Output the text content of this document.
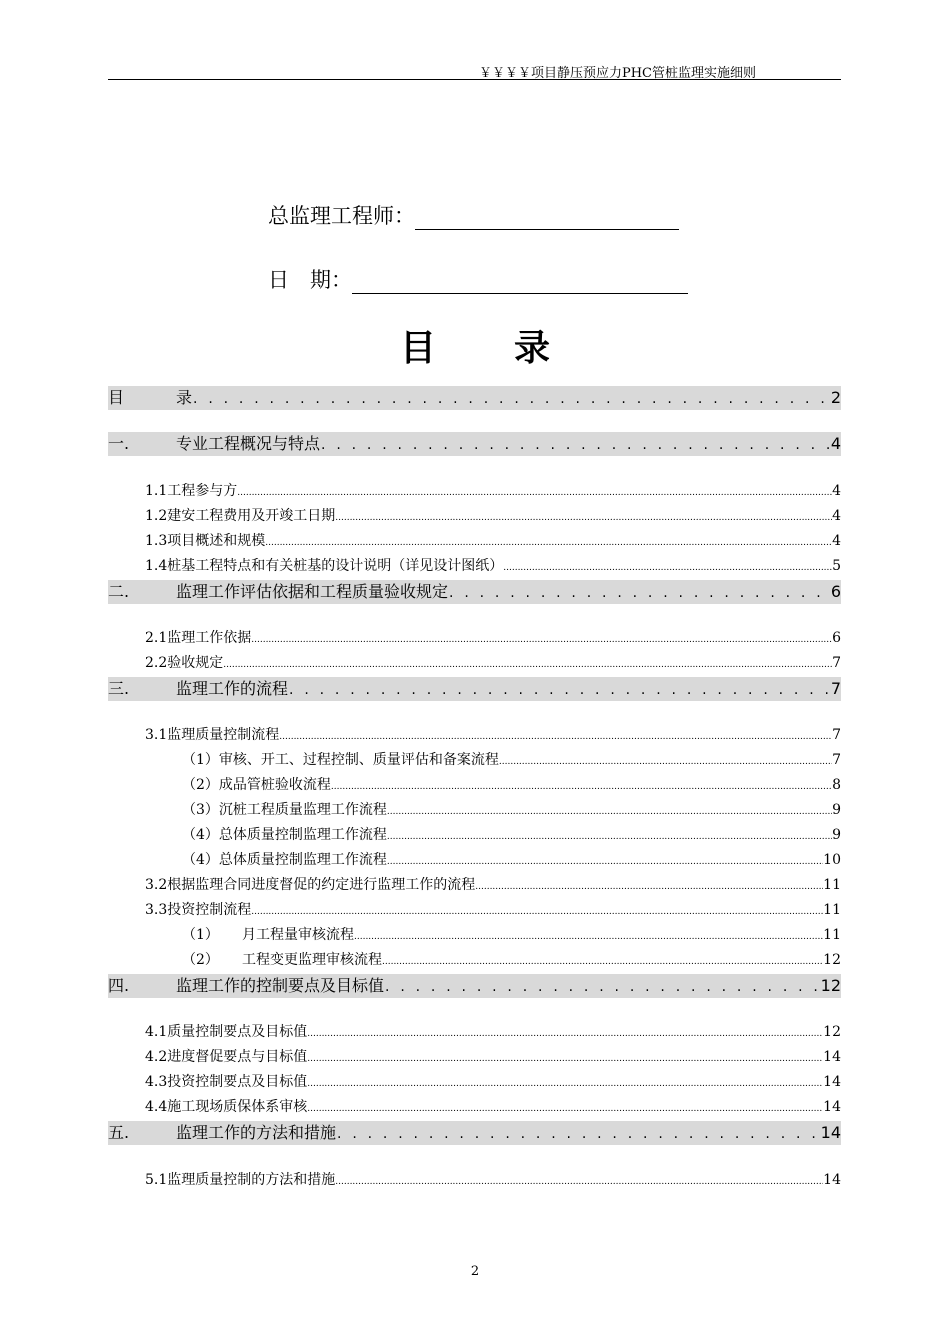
￥￥￥￥项目静压预应力PHC管桩监理实施细则
总监理工程师：
日　期：
目录
目	录 . . .	2
一.	专业工程概况与特点 . . .	4
1.1工程参与方 .....	4
1.2建安工程费用及开竣工日期 .....	4
1.3项目概述和规模 .....	4
1.4桩基工程特点和有关桩基的设计说明（详见设计图纸） .....	5
二.	监理工作评估依据和工程质量验收规定 . . .	6
2.1监理工作依据 .....	6
2.2验收规定 .....	7
三.	监理工作的流程 . . .	7
3.1监理质量控制流程 .....	7
（1）审核、开工、过程控制、质量评估和备案流程 .....	7
（2）成品管桩验收流程 .....	8
（3）沉桩工程质量监理工作流程 .....	9
（4）总体质量控制监理工作流程 .....	9
（4）总体质量控制监理工作流程 .....	10
3.2根据监理合同进度督促的约定进行监理工作的流程 .....	11
3.3投资控制流程 .....	11
（1） 月工程量审核流程 .....	11
（2） 工程变更监理审核流程 .....	12
四.	监理工作的控制要点及目标值 . . .	12
4.1质量控制要点及目标值 .....	12
4.2进度督促要点与目标值 .....	14
4.3投资控制要点及目标值 .....	14
4.4施工现场质保体系审核 .....	14
五.	监理工作的方法和措施 . . .	14
5.1监理质量控制的方法和措施 .....	14
2
